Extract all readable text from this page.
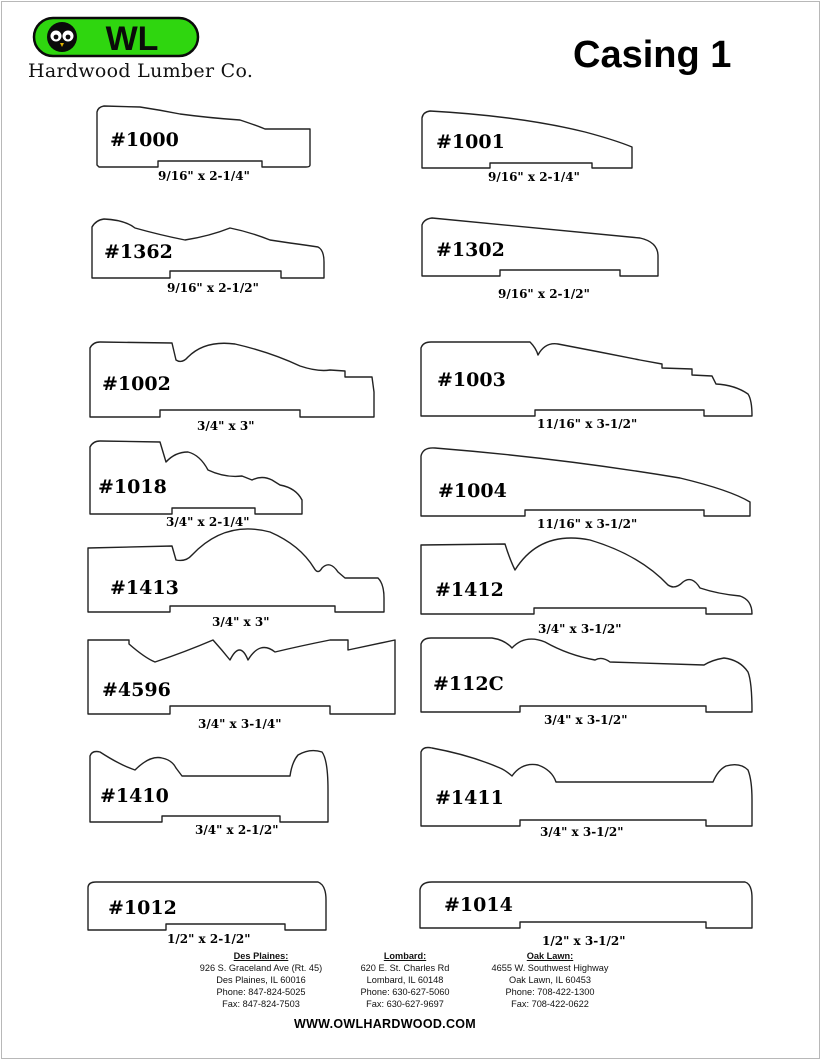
WL
Hardwood Lumber Co.	Casing 1
#1000
9/16" x 2-1/4"
#1001
9/16" x 2-1/4"
#1362
9/16" x 2-1/2"
#1302
9/16" x 2-1/2"
#1002
3/4" x 3"
#1003
11/16" x 3-1/2"
#1018
3/4" x 2-1/4"
#1004
11/16" x 3-1/2"
#1413
3/4" x 3"
#1412
3/4" x 3-1/2"
#4596
3/4" x 3-1/4"
#112C
3/4" x 3-1/2"
#1410
3/4" x 2-1/2"
#1411
3/4" x 3-1/2"
#1012
1/2" x 2-1/2"
#1014
1/2" x 3-1/2"
Des Plaines:
926 S. Graceland Ave (Rt. 45)
Des Plaines, IL 60016
Phone: 847-824-5025
Fax: 847-824-7503
Lombard:
620 E. St. Charles Rd
Lombard, IL 60148
Phone: 630-627-5060
Fax: 630-627-9697
Oak Lawn:
4655 W. Southwest Highway
Oak Lawn, IL 60453
Phone: 708-422-1300
Fax: 708-422-0622
WWW.OWLHARDWOOD.COM
